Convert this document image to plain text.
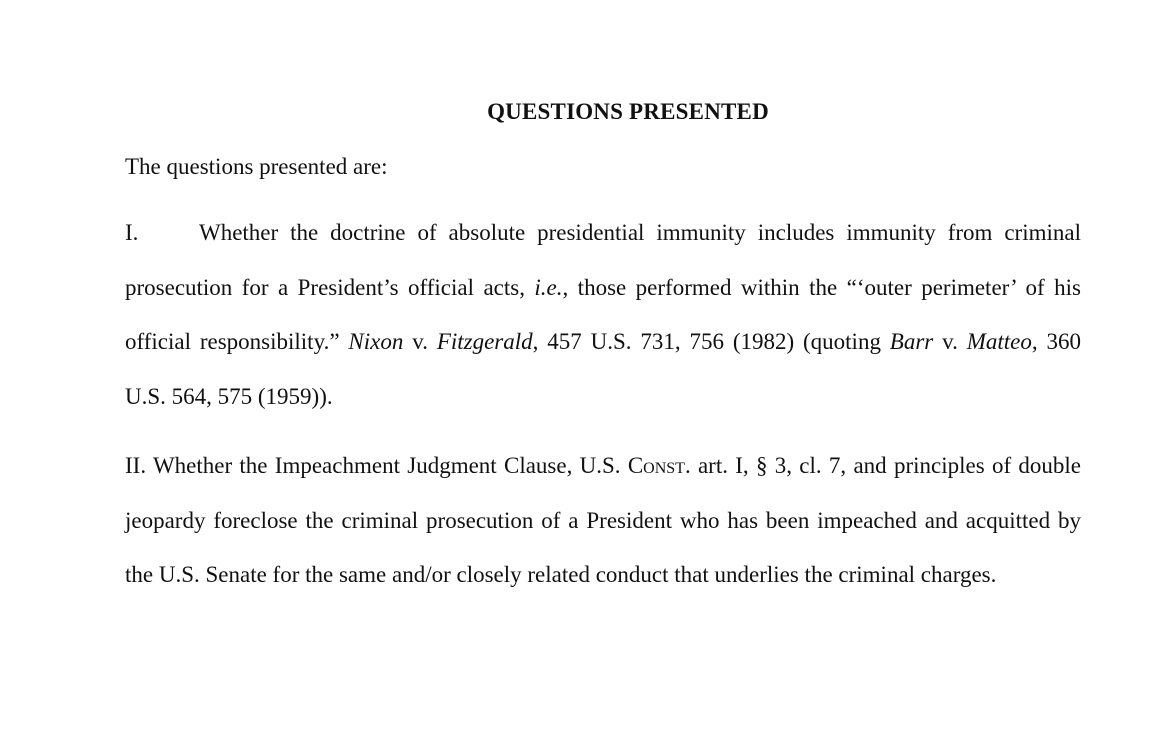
QUESTIONS PRESENTED
The questions presented are:
I.	Whether the doctrine of absolute presidential immunity includes immunity from criminal prosecution for a President’s official acts, i.e., those performed within the “‘outer perimeter’ of his official responsibility.” Nixon v. Fitzgerald, 457 U.S. 731, 756 (1982) (quoting Barr v. Matteo, 360 U.S. 564, 575 (1959)).
II. Whether the Impeachment Judgment Clause, U.S. Const. art. I, § 3, cl. 7, and principles of double jeopardy foreclose the criminal prosecution of a President who has been impeached and acquitted by the U.S. Senate for the same and/or closely related conduct that underlies the criminal charges.
